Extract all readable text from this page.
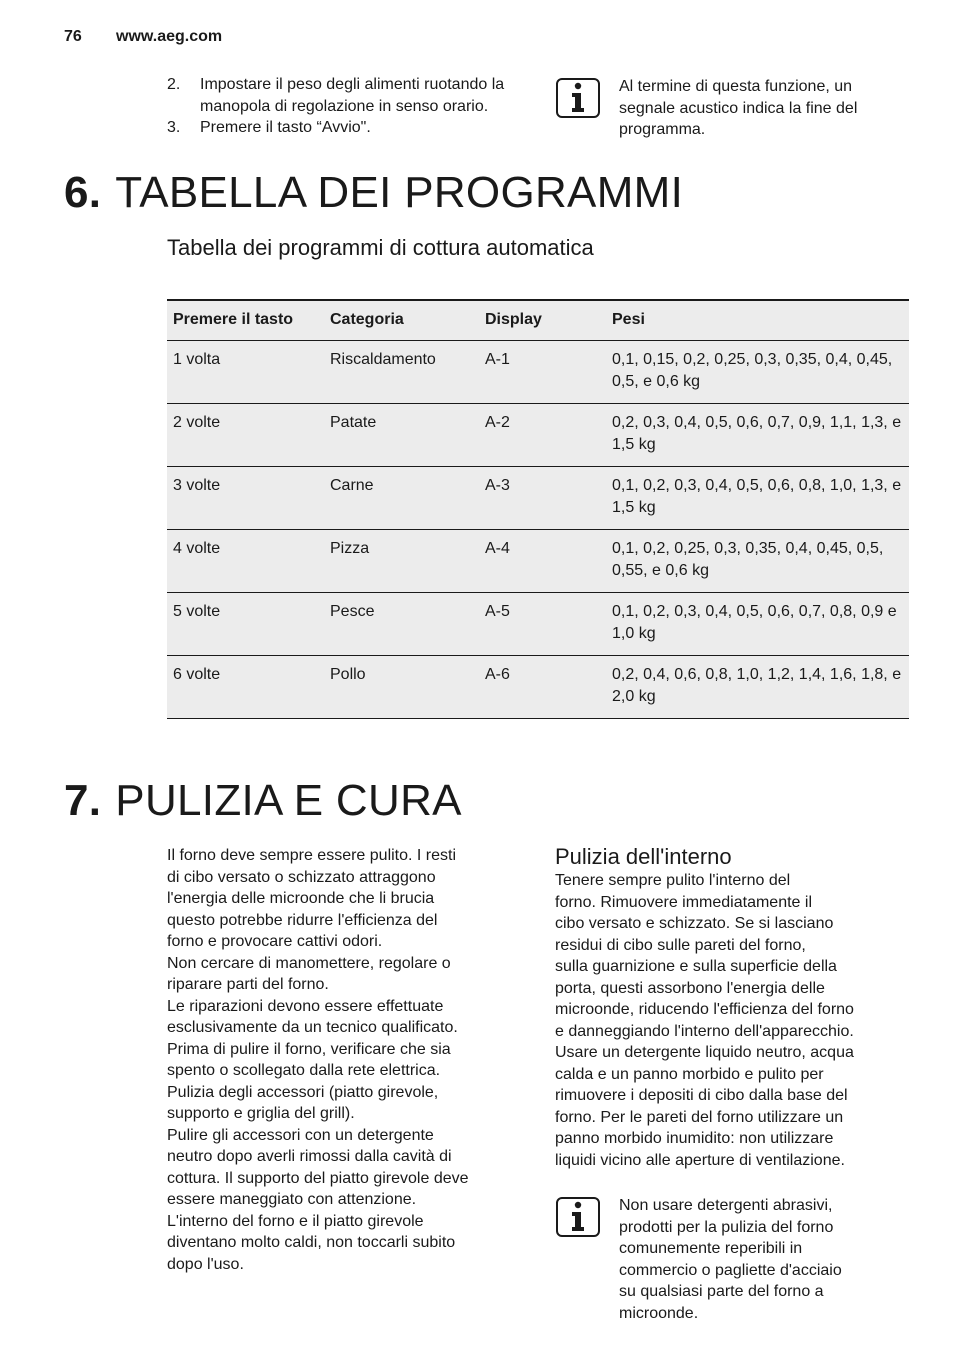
76 www.aeg.com
2. Impostare il peso degli alimenti ruotando la manopola di regolazione in senso orario.
3. Premere il tasto “Avvio".
Al termine di questa funzione, un segnale acustico indica la fine del programma.
6. TABELLA DEI PROGRAMMI
Tabella dei programmi di cottura automatica
Premere il tasto	Categoria	Display	Pesi
1 volta	Riscaldamento	A-1	0,1, 0,15, 0,2, 0,25, 0,3, 0,35, 0,4, 0,45, 0,5, e 0,6 kg
2 volte	Patate	A-2	0,2, 0,3, 0,4, 0,5, 0,6, 0,7, 0,9, 1,1, 1,3, e 1,5 kg
3 volte	Carne	A-3	0,1, 0,2, 0,3, 0,4, 0,5, 0,6, 0,8, 1,0, 1,3, e 1,5 kg
4 volte	Pizza	A-4	0,1, 0,2, 0,25, 0,3, 0,35, 0,4, 0,45, 0,5, 0,55, e 0,6 kg
5 volte	Pesce	A-5	0,1, 0,2, 0,3, 0,4, 0,5, 0,6, 0,7, 0,8, 0,9 e 1,0 kg
6 volte	Pollo	A-6	0,2, 0,4, 0,6, 0,8, 1,0, 1,2, 1,4, 1,6, 1,8, e 2,0 kg
7. PULIZIA E CURA
Il forno deve sempre essere pulito. I resti
di cibo versato o schizzato attraggono
l'energia delle microonde che li brucia
questo potrebbe ridurre l'efficienza del
forno e provocare cattivi odori.
Non cercare di manomettere, regolare o
riparare parti del forno.
Le riparazioni devono essere effettuate
esclusivamente da un tecnico qualificato.
Prima di pulire il forno, verificare che sia
spento o scollegato dalla rete elettrica.
Pulizia degli accessori (piatto girevole,
supporto e griglia del grill).
Pulire gli accessori con un detergente
neutro dopo averli rimossi dalla cavità di
cottura. Il supporto del piatto girevole deve
essere maneggiato con attenzione.
L'interno del forno e il piatto girevole
diventano molto caldi, non toccarli subito
dopo l'uso.
Pulizia dell'interno
Tenere sempre pulito l'interno del
forno. Rimuovere immediatamente il
cibo versato e schizzato. Se si lasciano
residui di cibo sulle pareti del forno,
sulla guarnizione e sulla superficie della
porta, questi assorbono l'energia delle
microonde, riducendo l'efficienza del forno
e danneggiando l'interno dell'apparecchio.
Usare un detergente liquido neutro, acqua
calda e un panno morbido e pulito per
rimuovere i depositi di cibo dalla base del
forno. Per le pareti del forno utilizzare un
panno morbido inumidito: non utilizzare
liquidi vicino alle aperture di ventilazione.
Non usare detergenti abrasivi,
prodotti per la pulizia del forno
comunemente reperibili in
commercio o pagliette d'acciaio
su qualsiasi parte del forno a
microonde.
